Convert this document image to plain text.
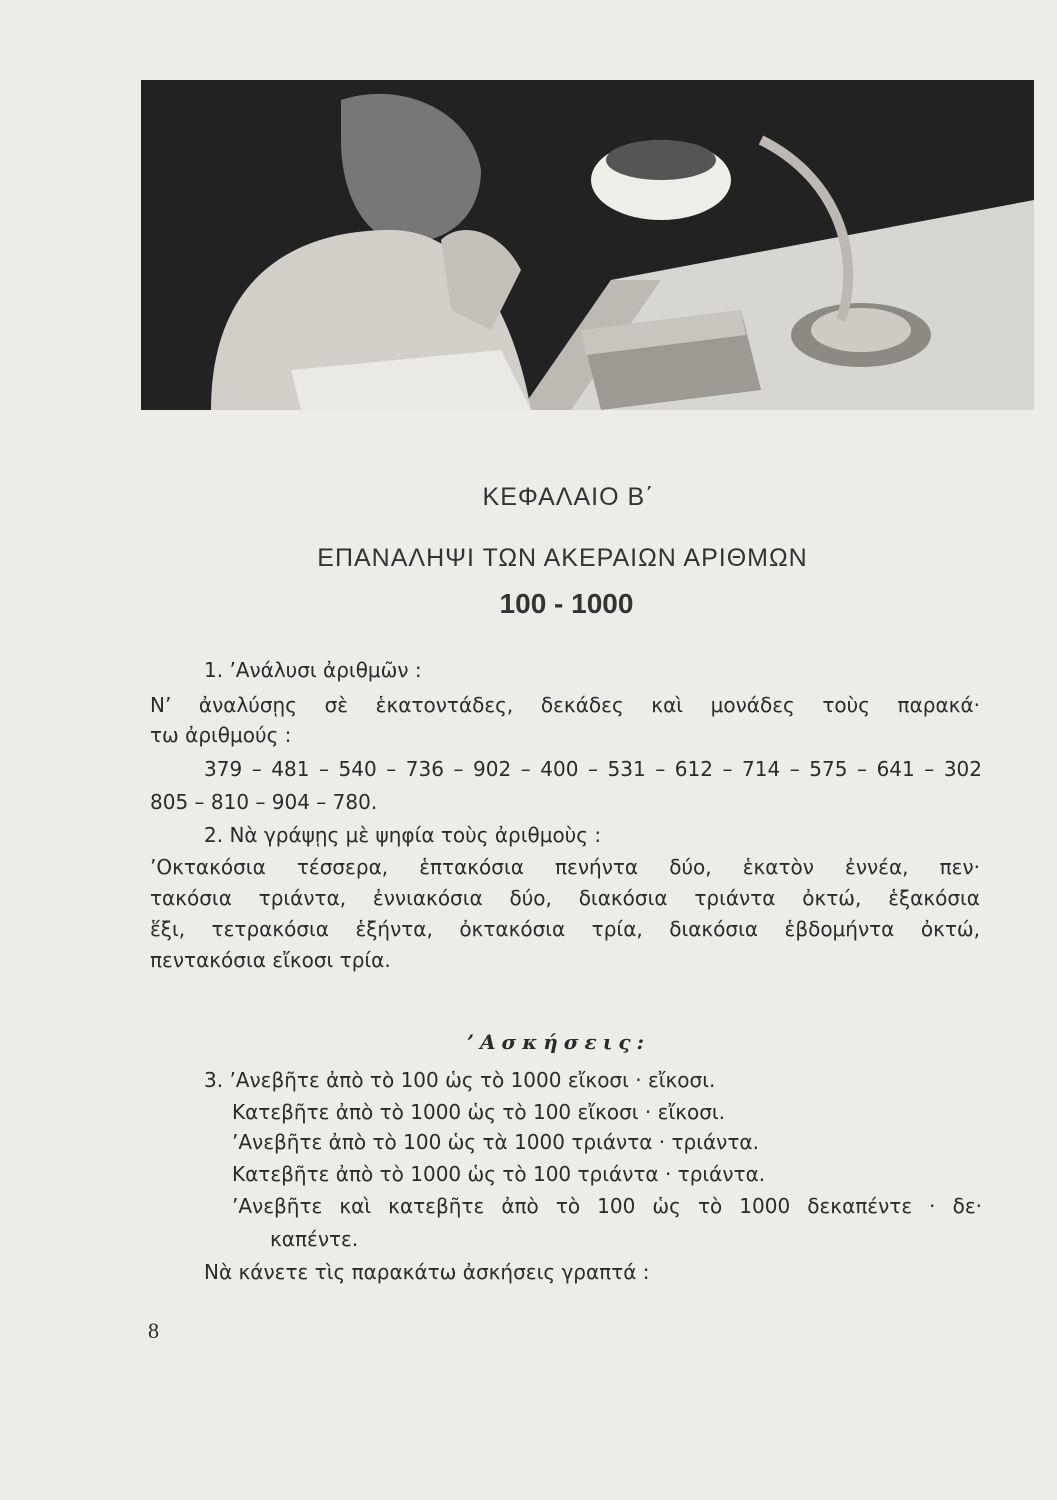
ΚΕΦΑΛΑΙΟ Β΄
ΕΠΑΝΑΛΗΨΙ ΤΩΝ ΑΚΕΡΑΙΩΝ ΑΡΙΘΜΩΝ
100 - 1000
1. ’Ανάλυσι ἀριθμῶν :
Ν’ ἀναλύσῃς σὲ ἑκατοντάδες, δεκάδες καὶ μονάδες τοὺς παρακά·
τω ἀριθμούς :
379 – 481 – 540 – 736 – 902 – 400 – 531 – 612 – 714 – 575 – 641 – 302
805 – 810 – 904 – 780.
2. Νὰ γράψῃς μὲ ψηφία τοὺς ἀριθμοὺς :
’Οκτακόσια τέσσερα, ἑπτακόσια πενήντα δύο, ἑκατὸν ἐννέα, πεν·
τακόσια τριάντα, ἐννιακόσια δύο, διακόσια τριάντα ὀκτώ, ἑξακόσια
ἕξι, τετρακόσια ἑξήντα, ὀκτακόσια τρία, διακόσια ἑβδομήντα ὀκτώ,
πεντακόσια εἴκοσι τρία.
’Ασκήσεις:
3. ’Ανεβῆτε ἀπὸ τὸ 100 ὡς τὸ 1000 εἴκοσι · εἴκοσι.
Κατεβῆτε ἀπὸ τὸ 1000 ὡς τὸ 100 εἴκοσι · εἴκοσι.
’Ανεβῆτε ἀπὸ τὸ 100 ὡς τὰ 1000 τριάντα · τριάντα.
Κατεβῆτε ἀπὸ τὸ 1000 ὡς τὸ 100 τριάντα · τριάντα.
’Ανεβῆτε καὶ κατεβῆτε ἀπὸ τὸ 100 ὡς τὸ 1000 δεκαπέντε · δε·
καπέντε.
Νὰ κάνετε τὶς παρακάτω ἀσκήσεις γραπτά :
8
